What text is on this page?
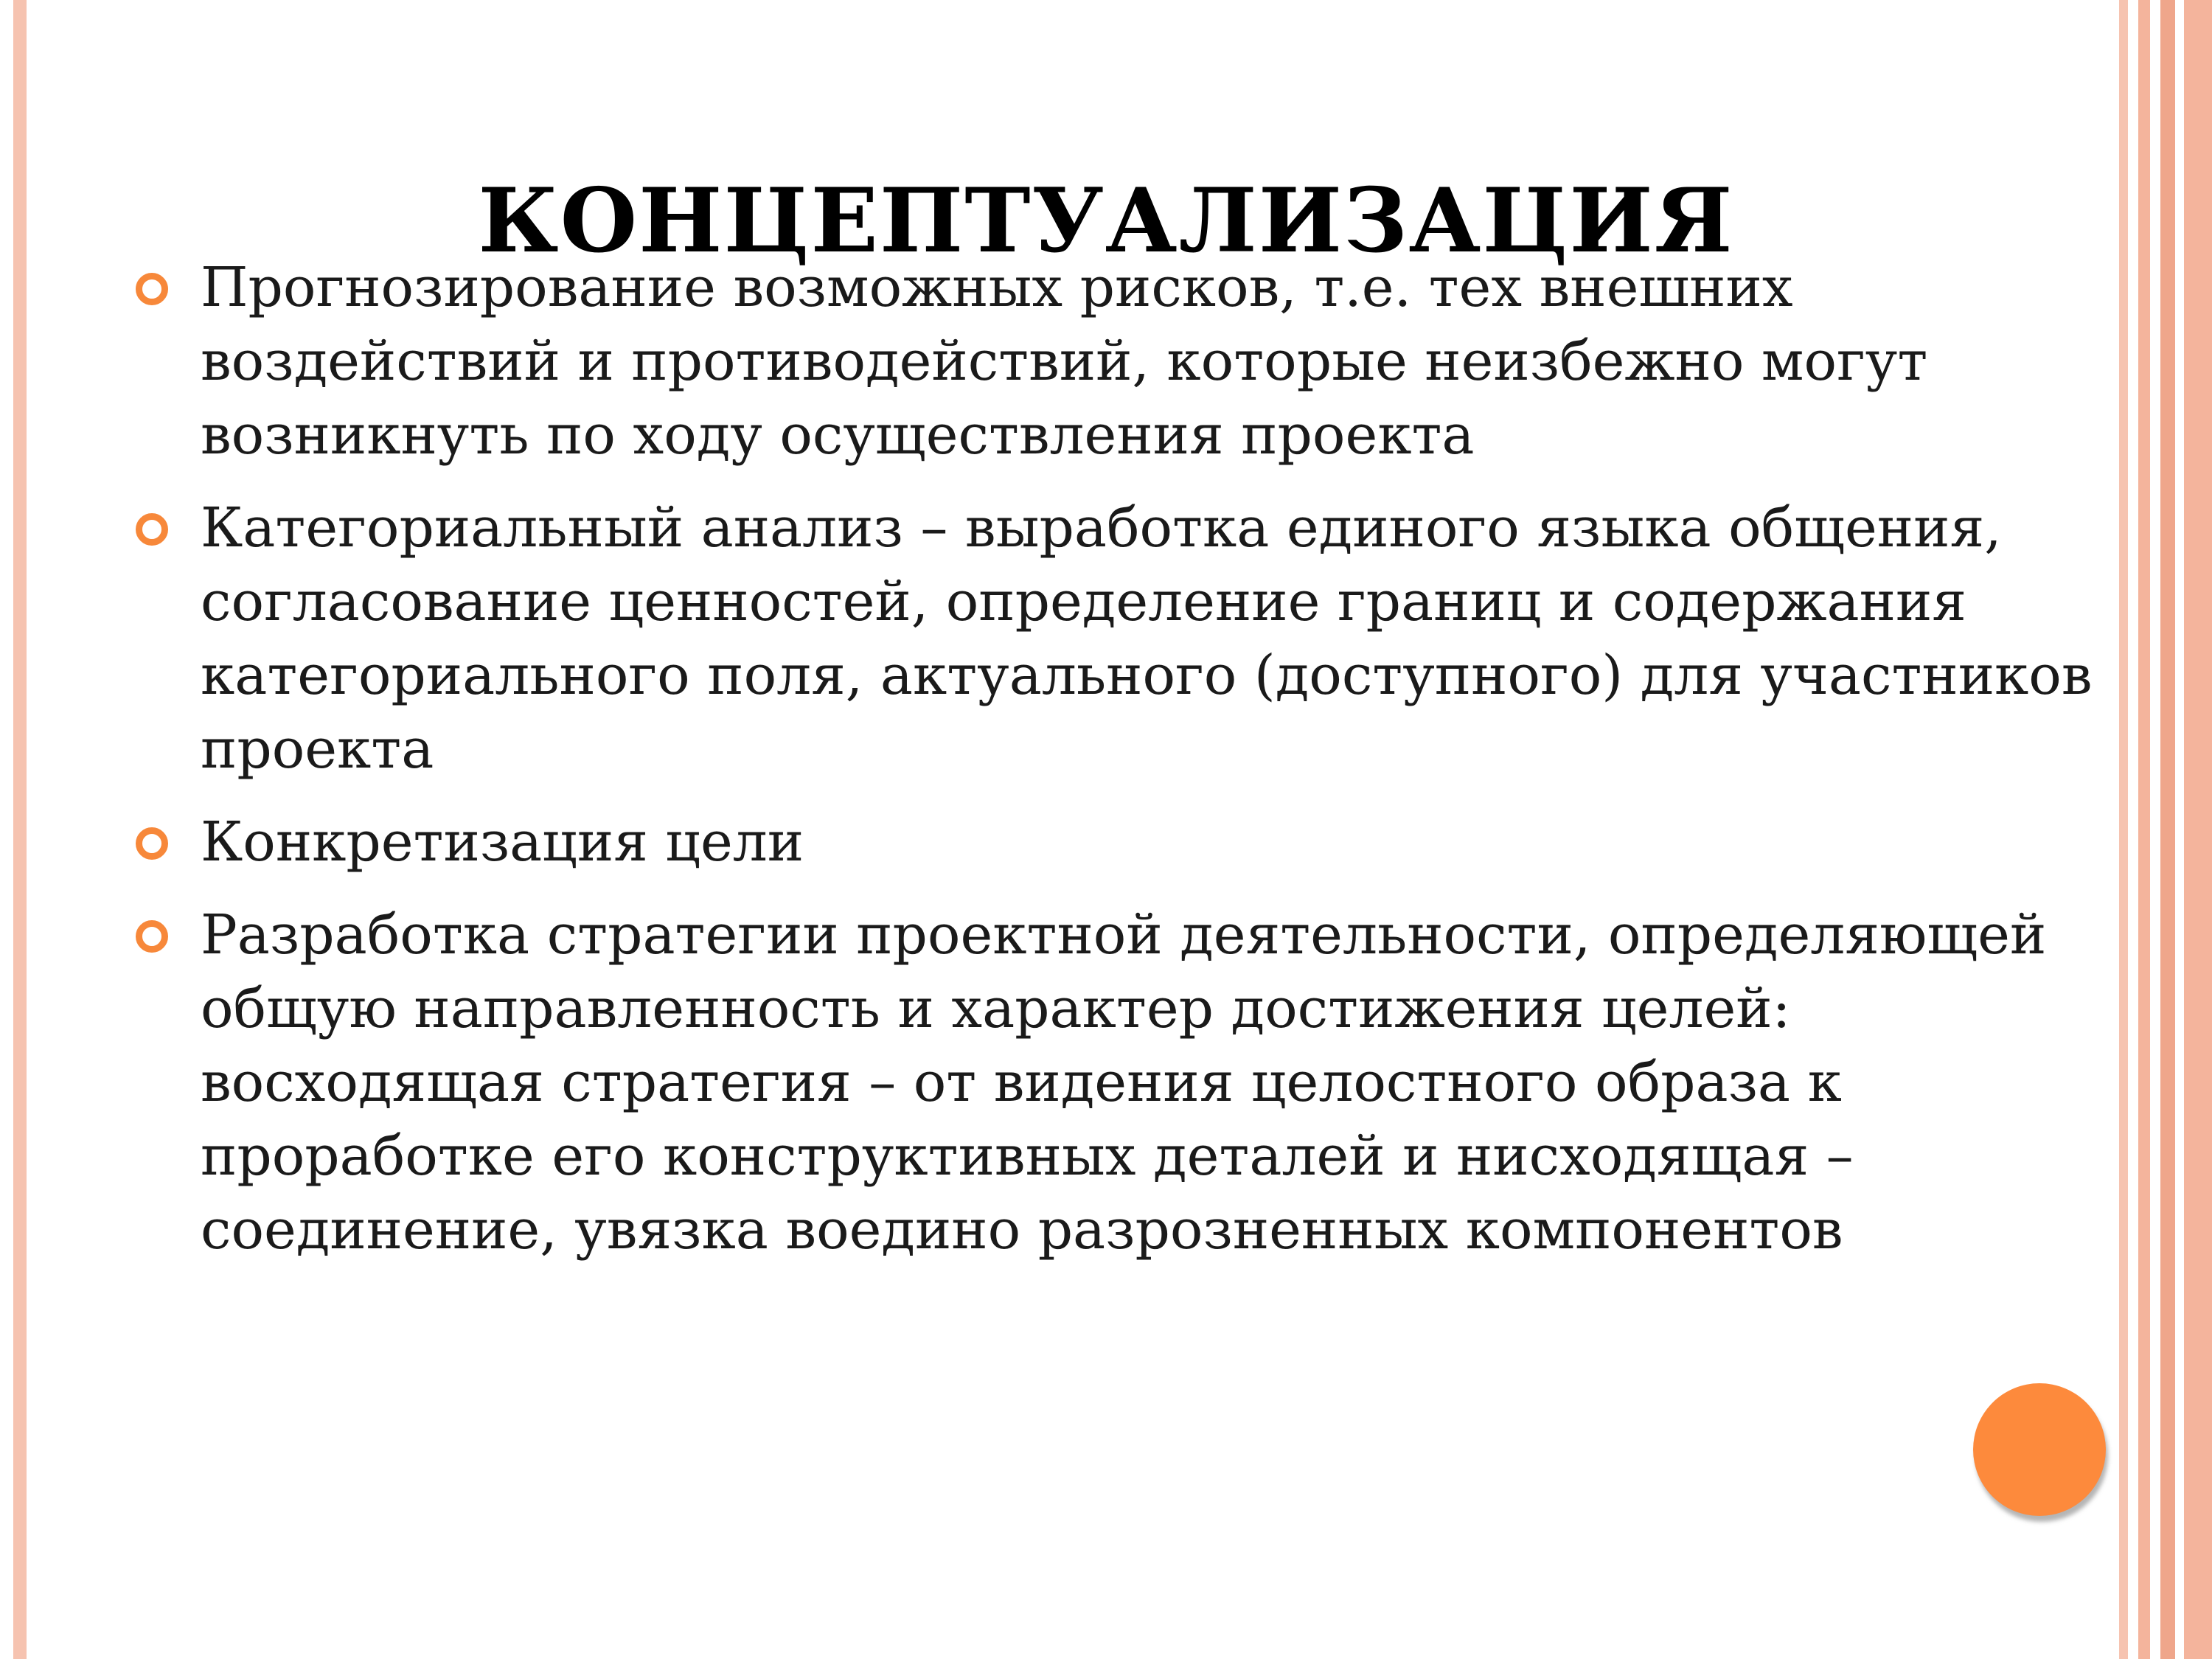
КОНЦЕПТУАЛИЗАЦИЯ
Прогнозирование возможных рисков, т.е. тех внешних воздействий и противодействий, которые неизбежно могут возникнуть по ходу осуществления проекта
Категориальный анализ – выработка единого языка общения, согласование ценностей, определение границ и содержания категориального поля, актуального (доступного) для участников проекта
Конкретизация цели
Разработка стратегии проектной деятельности, определяющей общую направленность и характер достижения целей: восходящая стратегия – от видения целостного образа к проработке его конструктивных деталей и нисходящая – соединение, увязка воедино разрозненных компонентов
